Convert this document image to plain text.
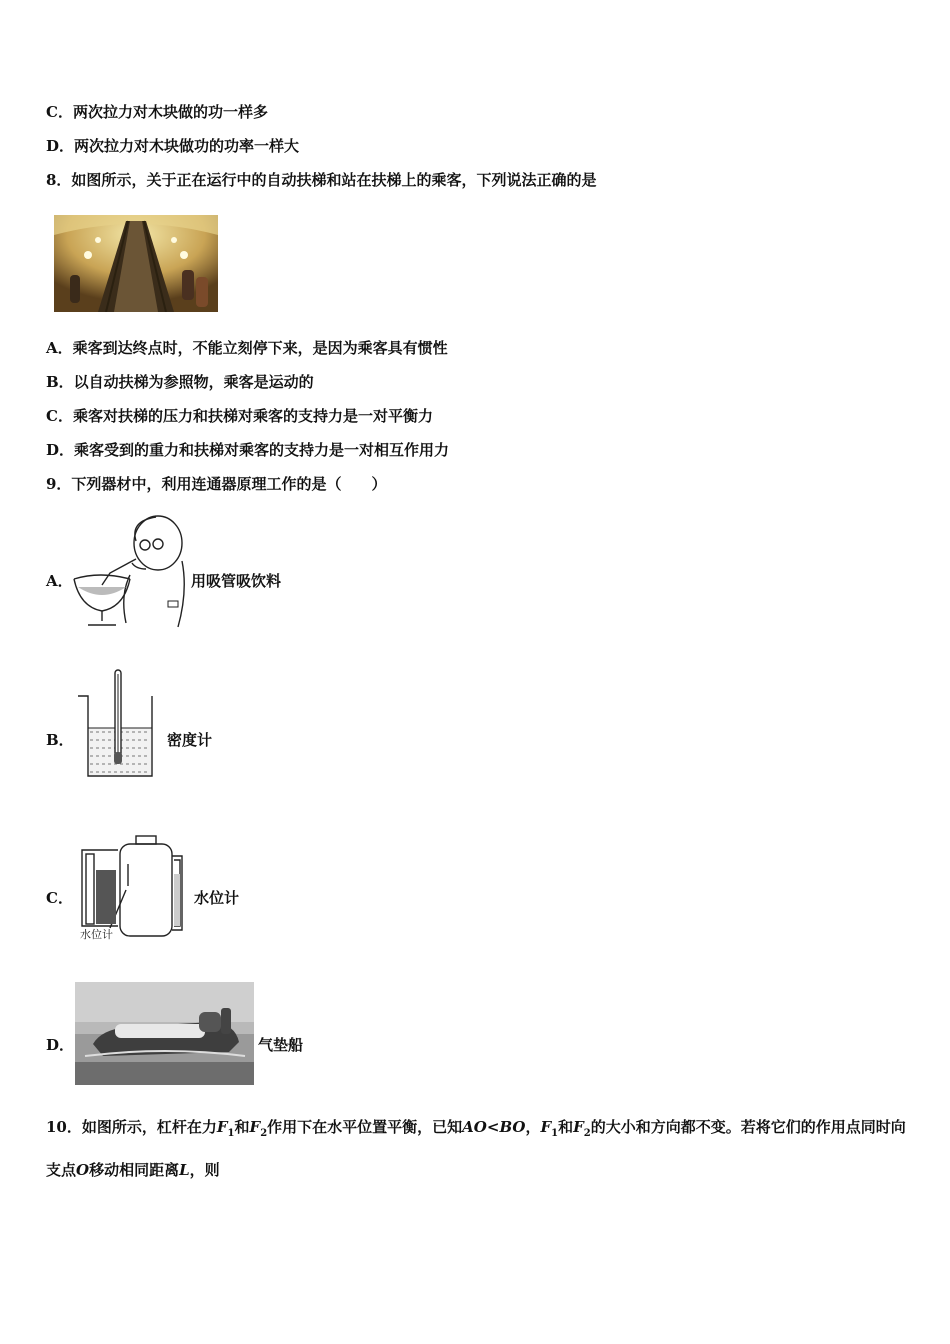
C．两次拉力对木块做的功一样多
D．两次拉力对木块做功的功率一样大
8．如图所示，关于正在运行中的自动扶梯和站在扶梯上的乘客，下列说法正确的是
A．乘客到达终点时，不能立刻停下来，是因为乘客具有惯性
B．以自动扶梯为参照物，乘客是运动的
C．乘客对扶梯的压力和扶梯对乘客的支持力是一对平衡力
D．乘客受到的重力和扶梯对乘客的支持力是一对相互作用力
9．下列器材中，利用连通器原理工作的是（　　）
A．	用吸管吸饮料
B．	密度计
C．
水位计
水位计
D．	气垫船
10．如图所示，杠杆在力$F_1$和$F_2$作用下在水平位置平衡，已知AO<BO，$F_1$和$F_2$的大小和方向都不变。若将它们的作用点同时向支点O移动相同距离L，则
